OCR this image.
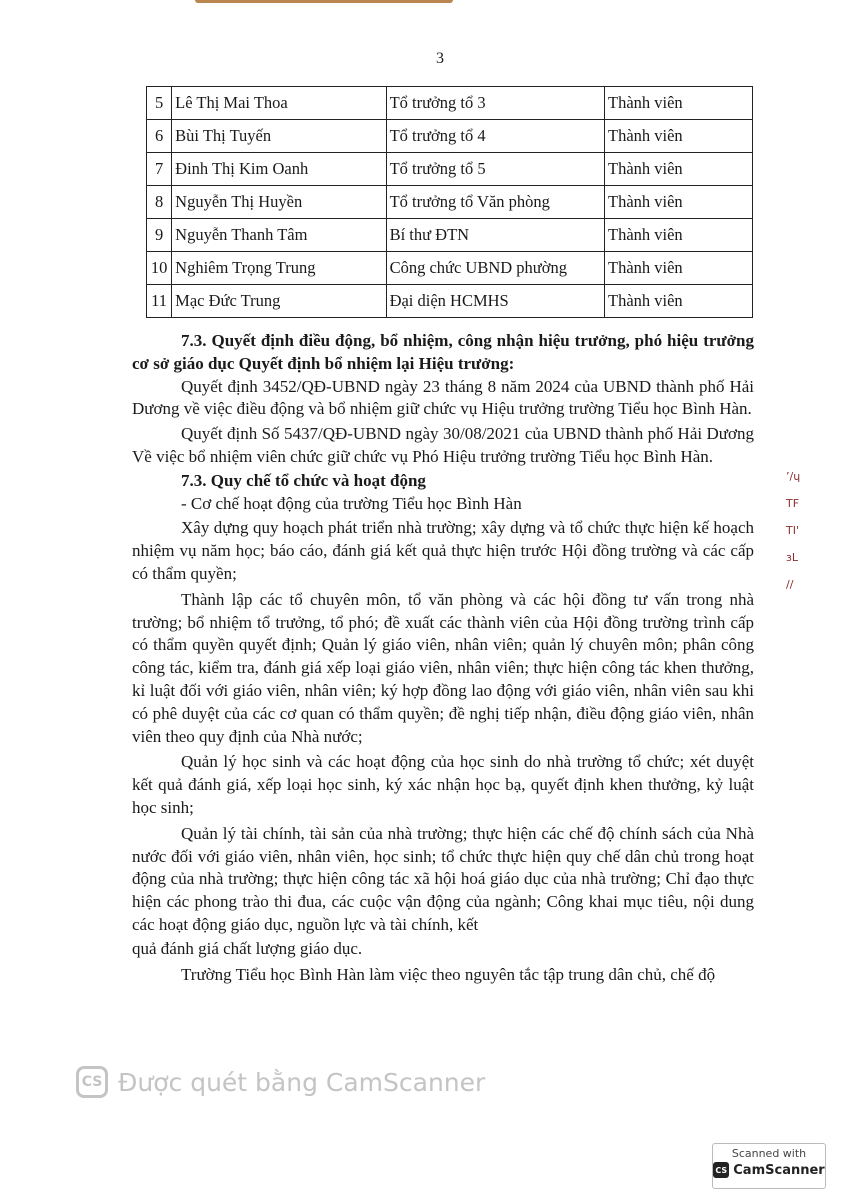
3
5	Lê Thị Mai Thoa	Tổ trưởng tổ 3	Thành viên
6	Bùi Thị Tuyến	Tổ trưởng tổ 4	Thành viên
7	Đinh Thị Kim Oanh	Tổ trưởng tổ 5	Thành viên
8	Nguyễn Thị Huyền	Tổ trưởng tổ Văn phòng	Thành viên
9	Nguyễn Thanh Tâm	Bí thư ĐTN	Thành viên
10	Nghiêm Trọng Trung	Công chức UBND phường	Thành viên
11	Mạc Đức Trung	Đại diện HCMHS	Thành viên

7.3. Quyết định điều động, bổ nhiệm, công nhận hiệu trưởng, phó hiệu trưởng cơ sở giáo dục Quyết định bổ nhiệm lại Hiệu trưởng:

Quyết định 3452/QĐ-UBND ngày 23 tháng 8 năm 2024 của UBND thành phố Hải Dương về việc điều động và bổ nhiệm giữ chức vụ Hiệu trưởng trường Tiểu học Bình Hàn.

Quyết định Số 5437/QĐ-UBND ngày 30/08/2021 của UBND thành phố Hải Dương Về việc bổ nhiệm viên chức giữ chức vụ Phó Hiệu trưởng trường Tiểu học Bình Hàn.

7.3. Quy chế tổ chức và hoạt động

- Cơ chế hoạt động của trường Tiểu học Bình Hàn

Xây dựng quy hoạch phát triển nhà trường; xây dựng và tổ chức thực hiện kế hoạch nhiệm vụ năm học; báo cáo, đánh giá kết quả thực hiện trước Hội đồng trường và các cấp có thẩm quyền;

Thành lập các tổ chuyên môn, tổ văn phòng và các hội đồng tư vấn trong nhà trường; bổ nhiệm tổ trưởng, tổ phó; đề xuất các thành viên của Hội đồng trường trình cấp có thẩm quyền quyết định; Quản lý giáo viên, nhân viên; quản lý chuyên môn; phân công công tác, kiểm tra, đánh giá xếp loại giáo viên, nhân viên; thực hiện công tác khen thưởng, kỉ luật đối với giáo viên, nhân viên; ký hợp đồng lao động với giáo viên, nhân viên sau khi có phê duyệt của các cơ quan có thẩm quyền; đề nghị tiếp nhận, điều động giáo viên, nhân viên theo quy định của Nhà nước;

Quản lý học sinh và các hoạt động của học sinh do nhà trường tổ chức; xét duyệt kết quả đánh giá, xếp loại học sinh, ký xác nhận học bạ, quyết định khen thưởng, kỷ luật học sinh;

Quản lý tài chính, tài sản của nhà trường; thực hiện các chế độ chính sách của Nhà nước đối với giáo viên, nhân viên, học sinh; tổ chức thực hiện quy chế dân chủ trong hoạt động của nhà trường; thực hiện công tác xã hội hoá giáo dục của nhà trường; Chỉ đạo thực hiện các phong trào thi đua, các cuộc vận động của ngành; Công khai mục tiêu, nội dung các hoạt động giáo dục, nguồn lực và tài chính, kết

quả đánh giá chất lượng giáo dục.

Trường Tiểu học Bình Hàn làm việc theo nguyên tắc tập trung dân chủ, chế độ

ʼ/ɥ
TF
TI'
ɜL
//
CS Được quét bằng CamScanner
Scanned with
CS CamScanner
